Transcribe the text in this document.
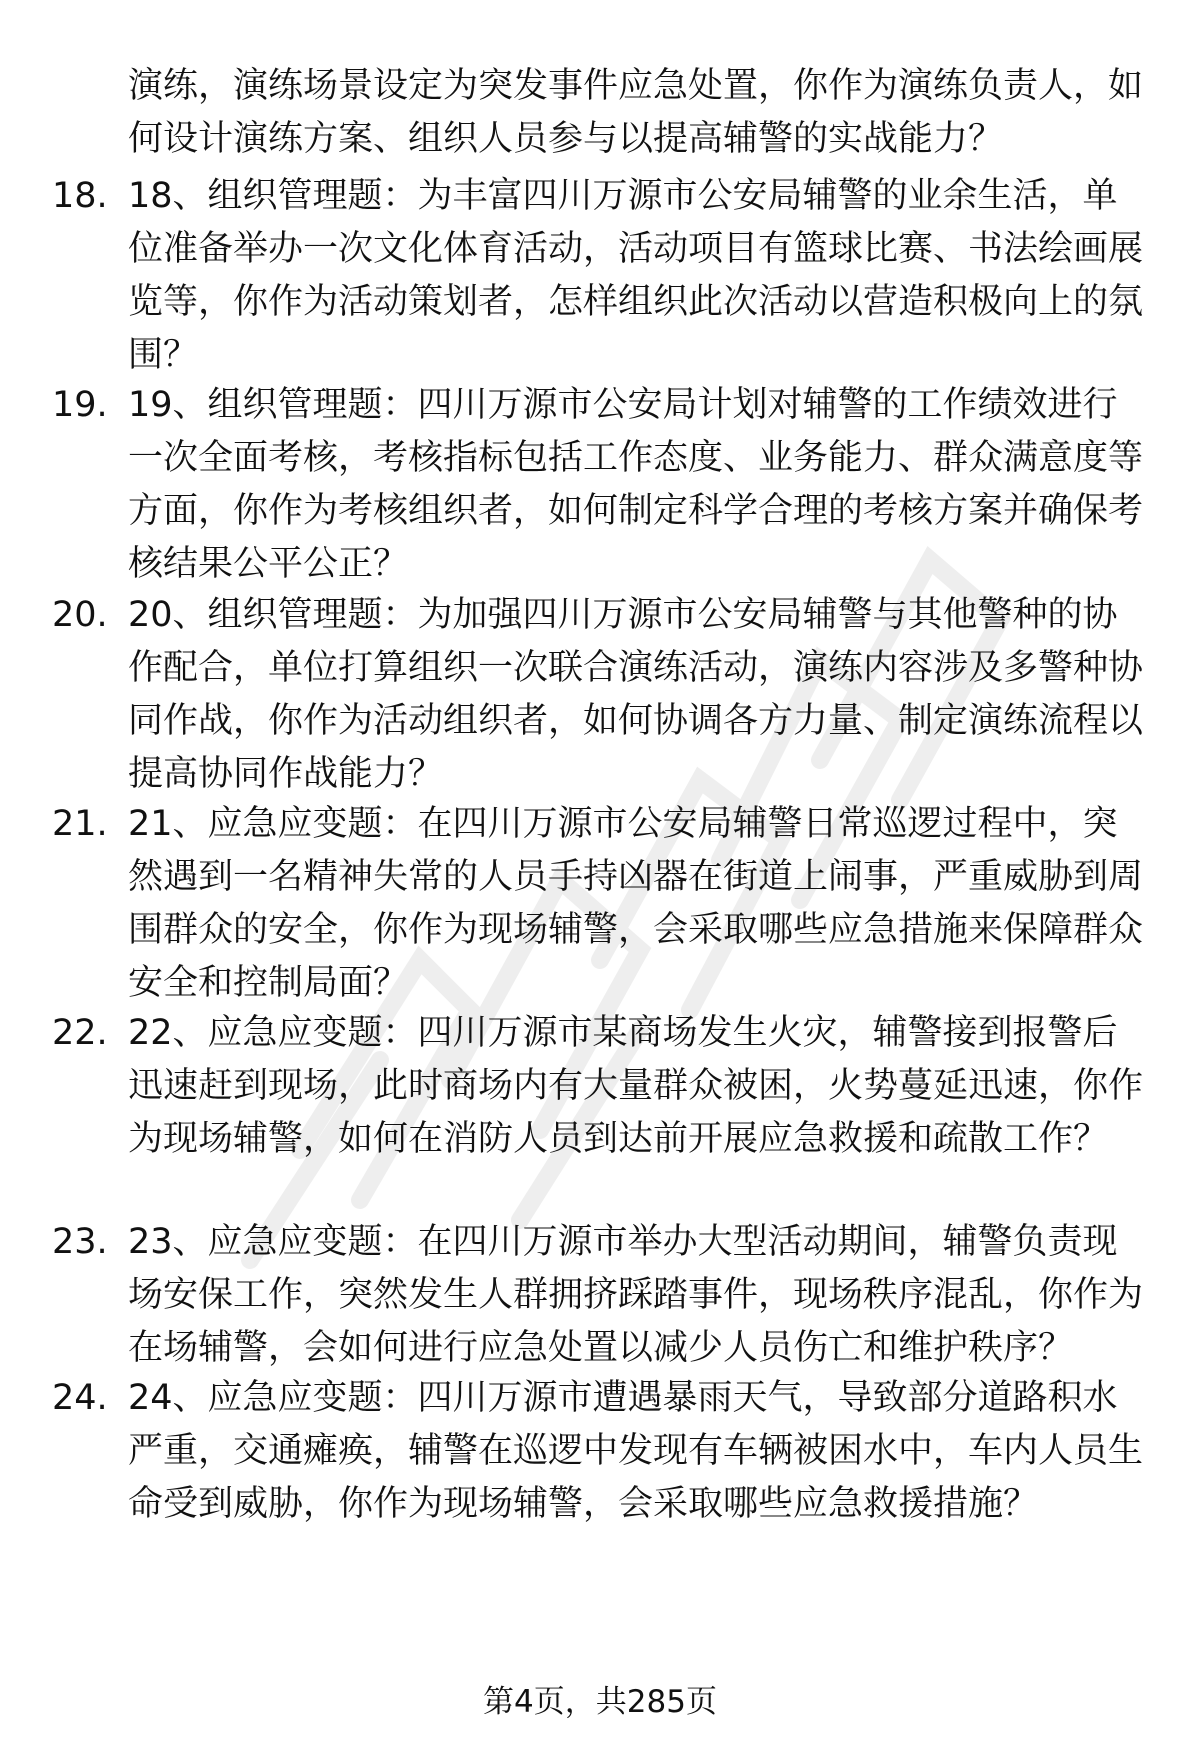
演练，演练场景设定为突发事件应急处置，你作为演练负责人，如何设计演练方案、组织人员参与以提高辅警的实战能力？

18. 18、组织管理题：为丰富四川万源市公安局辅警的业余生活，单位准备举办一次文化体育活动，活动项目有篮球比赛、书法绘画展览等，你作为活动策划者，怎样组织此次活动以营造积极向上的氛围？

19. 19、组织管理题：四川万源市公安局计划对辅警的工作绩效进行一次全面考核，考核指标包括工作态度、业务能力、群众满意度等方面，你作为考核组织者，如何制定科学合理的考核方案并确保考核结果公平公正？

20. 20、组织管理题：为加强四川万源市公安局辅警与其他警种的协作配合，单位打算组织一次联合演练活动，演练内容涉及多警种协同作战，你作为活动组织者，如何协调各方力量、制定演练流程以提高协同作战能力？

21. 21、应急应变题：在四川万源市公安局辅警日常巡逻过程中，突然遇到一名精神失常的人员手持凶器在街道上闹事，严重威胁到周围群众的安全，你作为现场辅警，会采取哪些应急措施来保障群众安全和控制局面？

22. 22、应急应变题：四川万源市某商场发生火灾，辅警接到报警后迅速赶到现场，此时商场内有大量群众被困，火势蔓延迅速，你作为现场辅警，如何在消防人员到达前开展应急救援和疏散工作？

23. 23、应急应变题：在四川万源市举办大型活动期间，辅警负责现场安保工作，突然发生人群拥挤踩踏事件，现场秩序混乱，你作为在场辅警，会如何进行应急处置以减少人员伤亡和维护秩序？

24. 24、应急应变题：四川万源市遭遇暴雨天气，导致部分道路积水严重，交通瘫痪，辅警在巡逻中发现有车辆被困水中，车内人员生命受到威胁，你作为现场辅警，会采取哪些应急救援措施？

第4页，共285页
